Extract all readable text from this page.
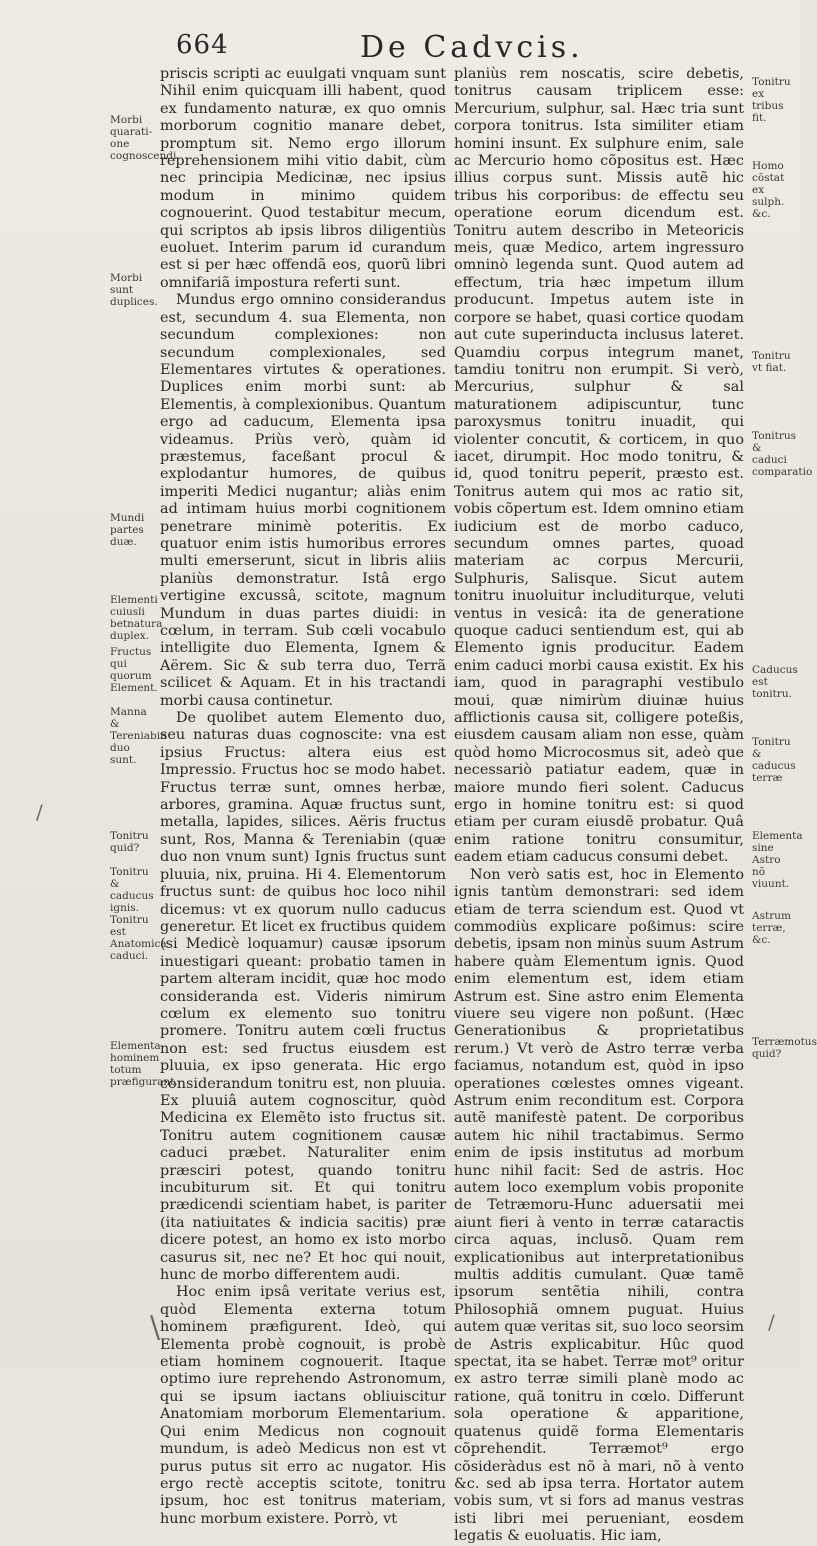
664	De Cadvcis.
Morbi quarati-one cognoscendi.
Morbi sunt duplices.
Mundi partes duæ.
Elementi cuiusli betnatura duplex.
Fructus qui quorum Element.
Manna & Tereniabin duo sunt.
Tonitru quid?
Tonitru & caducus ignis.
Tonitru est Anatomica caduci.
Elementa hominem totum præfigurant.

priscis scripti ac euulgati vnquam sunt Nihil enim quicquam illi habent, quod ex fundamento naturæ, ex quo omnis morborum cognitio manare debet, promptum sit. Nemo ergo illorum reprehensionem mihi vitio dabit, cùm nec principia Medicinæ, nec ipsius modum in minimo quidem cognouerint. Quod testabitur mecum, qui scriptos ab ipsis libros diligentiùs euoluet. Interim parum id curandum est si per hæc offendã eos, quorũ libri omnifariã impostura referti sunt.

Mundus ergo omnino considerandus est, secundum 4. sua Elementa, non secundum complexiones: non secundum complexionales, sed Elementares virtutes & operationes. Duplices enim morbi sunt: ab Elementis, à complexionibus. Quantum ergo ad caducum, Elementa ipsa videamus. Priùs verò, quàm id præstemus, faceßant procul & explodantur humores, de quibus imperiti Medici nugantur; aliàs enim ad intimam huius morbi cognitionem penetrare minimè poteritis. Ex quatuor enim istis humoribus errores multi emerserunt, sicut in libris aliis planiùs demonstratur. Istâ ergo vertigine excussâ, scitote, magnum Mundum in duas partes diuidi: in cœlum, in terram. Sub cœli vocabulo intelligite duo Elementa, Ignem & Aërem. Sic & sub terra duo, Terrã scilicet & Aquam. Et in his tractandi morbi causa continetur.

De quolibet autem Elemento duo, seu naturas duas cognoscite: vna est ipsius Fructus: altera eius est Impressio. Fructus hoc se modo habet. Fructus terræ sunt, omnes herbæ, arbores, gramina. Aquæ fructus sunt, metalla, lapides, silices. Aëris fructus sunt, Ros, Manna & Tereniabin (quæ duo non vnum sunt) Ignis fructus sunt pluuia, nix, pruina. Hi 4. Elementorum fructus sunt: de quibus hoc loco nihil dicemus: vt ex quorum nullo caducus generetur. Et licet ex fructibus quidem (si Medicè loquamur) causæ ipsorum inuestigari queant: probatio tamen in partem alteram incidit, quæ hoc modo consideranda est. Videris nimirum cœlum ex elemento suo tonitru promere. Tonitru autem cœli fructus non est: sed fructus eiusdem est pluuia, ex ipso generata. Hic ergo considerandum tonitru est, non pluuia. Ex pluuiâ autem cognoscitur, quòd Medicina ex Elemẽto isto fructus sit. Tonitru autem cognitionem causæ caduci præbet. Naturaliter enim præsciri potest, quando tonitru incubiturum sit. Et qui tonitru prædicendi scientiam habet, is pariter (ita natiuitates & indicia sacitis) præ dicere potest, an homo ex isto morbo casurus sit, nec ne? Et hoc qui nouit, hunc de morbo differentem audi.

Hoc enim ipsâ veritate verius est, quòd Elementa externa totum hominem præfigurent. Ideò, qui Elementa probè cognouit, is probè etiam hominem cognouerit. Itaque optimo iure reprehendo Astronomum, qui se ipsum iactans obliuiscitur Anatomiam morborum Elementarium. Qui enim Medicus non cognouit mundum, is adeò Medicus non est vt purus putus sit erro ac nugator. His ergo rectè acceptis scitote, tonitru ipsum, hoc est tonitrus materiam, hunc morbum existere. Porrò, vt

planiùs rem noscatis, scire debetis, tonitrus causam triplicem esse: Mercurium, sulphur, sal. Hæc tria sunt corpora tonitrus. Ista similiter etiam homini insunt. Ex sulphure enim, sale ac Mercurio homo cõpositus est. Hæc illius corpus sunt. Missis autẽ hic tribus his corporibus: de effectu seu operatione eorum dicendum est. Tonitru autem describo in Meteoricis meis, quæ Medico, artem ingressuro omninò legenda sunt. Quod autem ad effectum, tria hæc impetum illum producunt. Impetus autem iste in corpore se habet, quasi cortice quodam aut cute superinducta inclusus lateret. Quamdiu corpus integrum manet, tamdiu tonitru non erumpit. Si verò, Mercurius, sulphur & sal maturationem adipiscuntur, tunc paroxysmus tonitru inuadit, qui violenter concutit, & corticem, in quo iacet, dirumpit. Hoc modo tonitru, & id, quod tonitru peperit, præsto est. Tonitrus autem qui mos ac ratio sit, vobis cõpertum est. Idem omnino etiam iudicium est de morbo caduco, secundum omnes partes, quoad materiam ac corpus Mercurii, Sulphuris, Salisque. Sicut autem tonitru inuoluitur includiturque, veluti ventus in vesicâ: ita de generatione quoque caduci sentiendum est, qui ab Elemento ignis producitur. Eadem enim caduci morbi causa existit. Ex his iam, quod in paragraphi vestibulo moui, quæ nimirùm diuinæ huius afflictionis causa sit, colligere poteßis, eiusdem causam aliam non esse, quàm quòd homo Microcosmus sit, adeò que necessariò patiatur eadem, quæ in maiore mundo fieri solent. Caducus ergo in homine tonitru est: si quod etiam per curam eiusdẽ probatur. Quâ enim ratione tonitru consumitur, eadem etiam caducus consumi debet.

Non verò satis est, hoc in Elemento ignis tantùm demonstrari: sed idem etiam de terra sciendum est. Quod vt commodiùs explicare poßimus: scire debetis, ipsam non minùs suum Astrum habere quàm Elementum ignis. Quod enim elementum est, idem etiam Astrum est. Sine astro enim Elementa viuere seu vigere non poßunt. (Hæc Generationibus & proprietatibus rerum.) Vt verò de Astro terræ verba faciamus, notandum est, quòd in ipso operationes cœlestes omnes vigeant. Astrum enim reconditum est. Corpora autẽ manifestè patent. De corporibus autem hic nihil tractabimus. Sermo enim de ipsis institutus ad morbum hunc nihil facit: Sed de astris. Hoc autem loco exemplum vobis proponite de Tetræmoru-Hunc aduersatii mei aiunt fieri à vento in terræ cataractis circa aquas, inclusõ. Quam rem explicationibus aut interpretationibus multis additis cumulant. Quæ tamẽ ipsorum sentẽtia nihili, contra Philosophiã omnem puguat. Huius autem quæ veritas sit, suo loco seorsim de Astris explicabitur. Hûc quod spectat, ita se habet. Terræ mot⁹ oritur ex astro terræ simili planè modo ac ratione, quã tonitru in cœlo. Differunt sola operatione & apparitione, quatenus quidẽ forma Elementaris cõprehendit. Terræmot⁹ ergo cõsideràdus est nõ à mari, nõ à vento &c. sed ab ipsa terra. Hortator autem vobis sum, vt si fors ad manus vestras isti libri mei perueniant, eosdem legatis & euoluatis. Hic iam,

Tonitru ex tribus fit.
Homo cõstat ex sulph. &c.
Tonitru vt fiat.
Tonitrus & caduci comparatio
Caducus est tonitru.
Tonitru & caducus terræ
Elementa sine Astro nõ viuunt.
Astrum terræ, &c.
Terræmotus quid?
/
/
\
